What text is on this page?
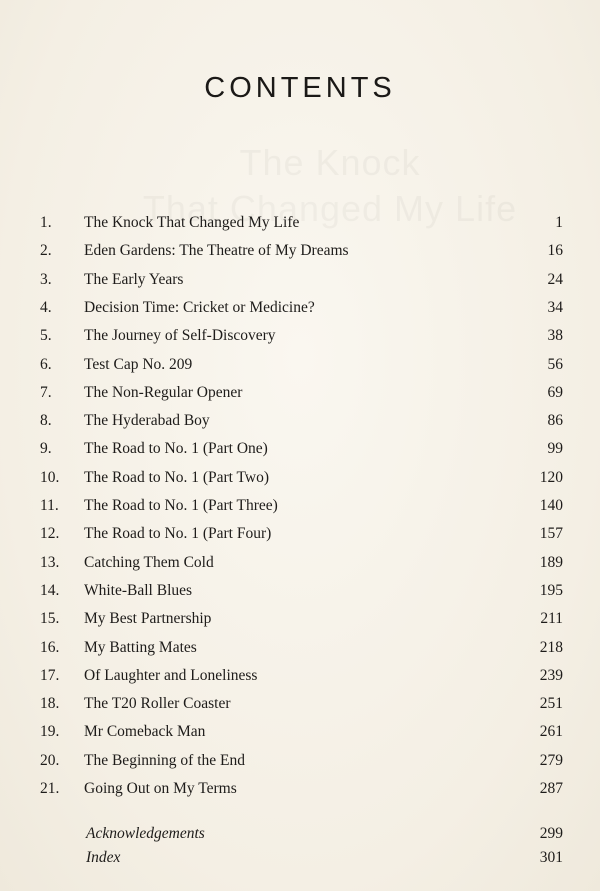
CONTENTS
1.	The Knock That Changed My Life	1
2.	Eden Gardens: The Theatre of My Dreams	16
3.	The Early Years	24
4.	Decision Time: Cricket or Medicine?	34
5.	The Journey of Self-Discovery	38
6.	Test Cap No. 209	56
7.	The Non-Regular Opener	69
8.	The Hyderabad Boy	86
9.	The Road to No. 1 (Part One)	99
10.	The Road to No. 1 (Part Two)	120
11.	The Road to No. 1 (Part Three)	140
12.	The Road to No. 1 (Part Four)	157
13.	Catching Them Cold	189
14.	White-Ball Blues	195
15.	My Best Partnership	211
16.	My Batting Mates	218
17.	Of Laughter and Loneliness	239
18.	The T20 Roller Coaster	251
19.	Mr Comeback Man	261
20.	The Beginning of the End	279
21.	Going Out on My Terms	287
Acknowledgements	299
Index	301
